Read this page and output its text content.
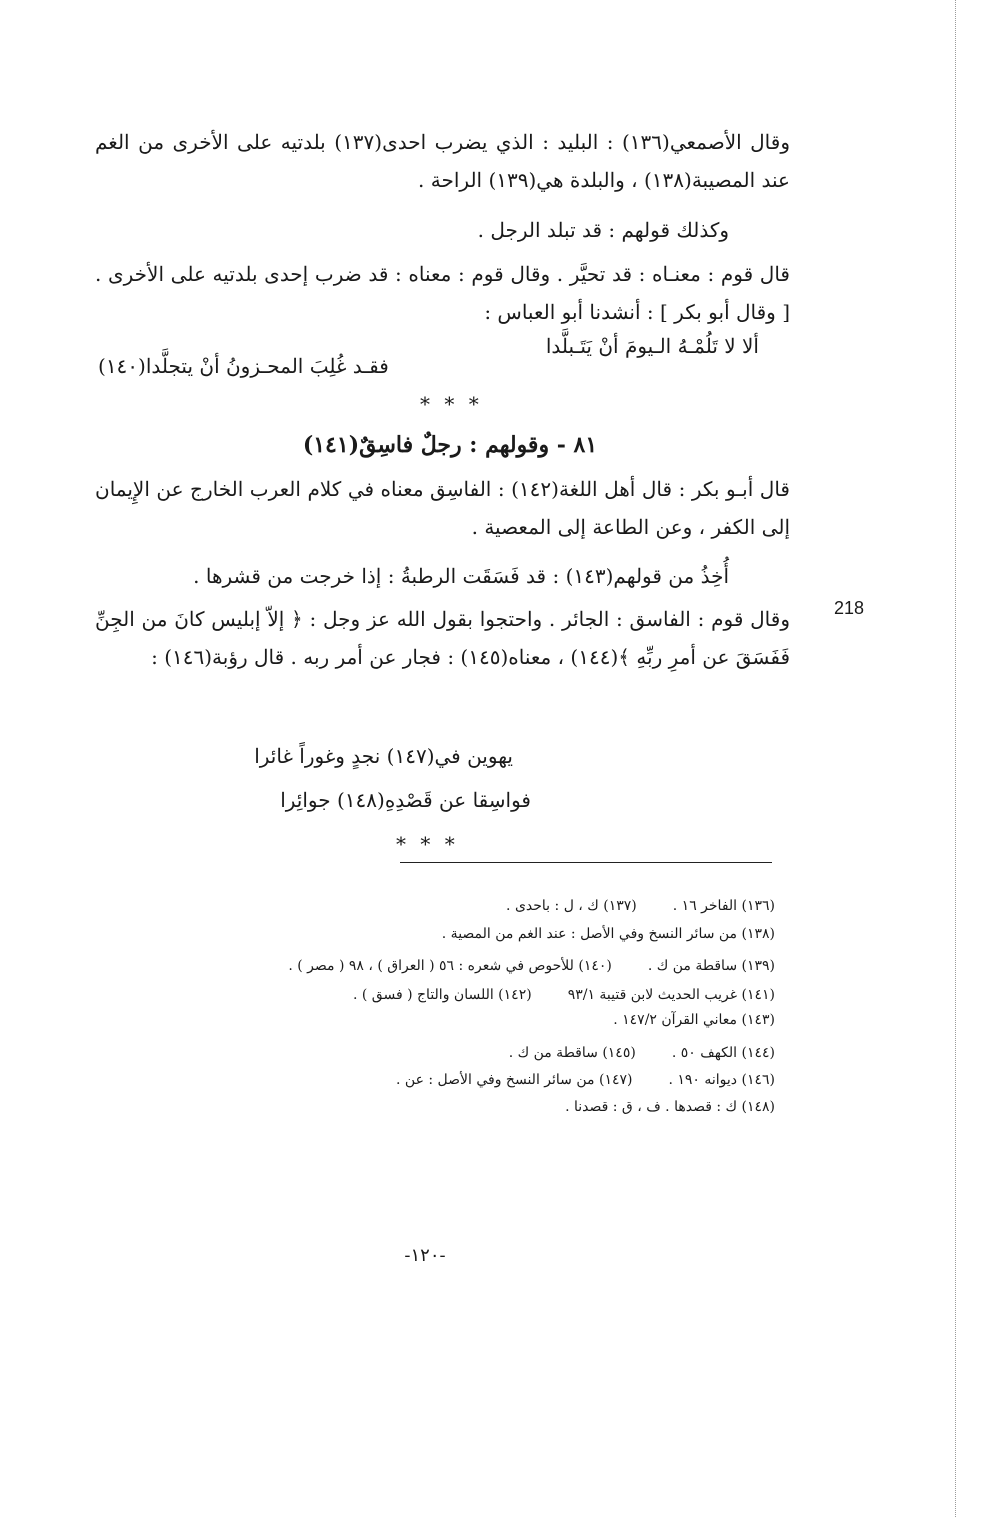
وقال الأصمعي(١٣٦) : البليد : الذي يضرب احدى(١٣٧) بلدتيه على الأخرى من الغم عند المصيبة(١٣٨) ، والبلدة هي(١٣٩) الراحة .

وكذلك قولهم : قد تبلد الرجل .

قال قوم : معنـاه : قد تحيَّر . وقال قوم : معناه : قد ضرب إحدى بلدتيه على الأخرى . [ وقال أبو بكر ] : أنشدنا أبو العباس :

ألا لا تَلُمْـهُ الـيومَ أنْ يَتَـبلَّدا

فقـد غُلِبَ المحـزونُ أنْ يتجلَّدا(١٤٠)

* * *
٨١ - وقولهم : رجلٌ فاسِقٌ(١٤١)

قال أبـو بكر : قال أهل اللغة(١٤٢) : الفاسِق معناه في كلام العرب الخارج عن الإِيمان إلى الكفر ، وعن الطاعة إلى المعصية .

أُخِذُ من قولهم(١٤٣) : قد فَسَقَت الرطبةُ : إذا خرجت من قشرها .

218

وقال قوم : الفاسق : الجائر . واحتجوا بقول الله عز وجل : ﴿ إلاّ إبليس كانَ من الجِنِّ فَفَسَقَ عن أمرِ ربِّهِ ﴾(١٤٤) ، معناه(١٤٥) : فجار عن أمر ربه . قال رؤبة(١٤٦) :

يهوين في(١٤٧) نجدٍ وغوراً غائرا

فواسِقا عن قَصْدِهِ(١٤٨) جوائِرا

* * *
(١٣٦) الفاخر ١٦ .(١٣٧) ك ، ل : باحدى .
(١٣٨) من سائر النسخ وفي الأصل : عند الغم من المصية .
(١٣٩) ساقطة من ك .(١٤٠) للأحوص في شعره : ٥٦ ( العراق ) ، ٩٨ ( مصر ) .
(١٤١) غريب الحديث لابن قتيبة ٩٣/١(١٤٢) اللسان والتاج ( فسق ) .
(١٤٣) معاني القرآن ١٤٧/٢ .
(١٤٤) الكهف ٥٠ .(١٤٥) ساقطة من ك .
(١٤٦) ديوانه ١٩٠ .(١٤٧) من سائر النسخ وفي الأصل : عن .
(١٤٨) ك : قصدها . ف ، ق : قصدنا .
-١٢٠-
